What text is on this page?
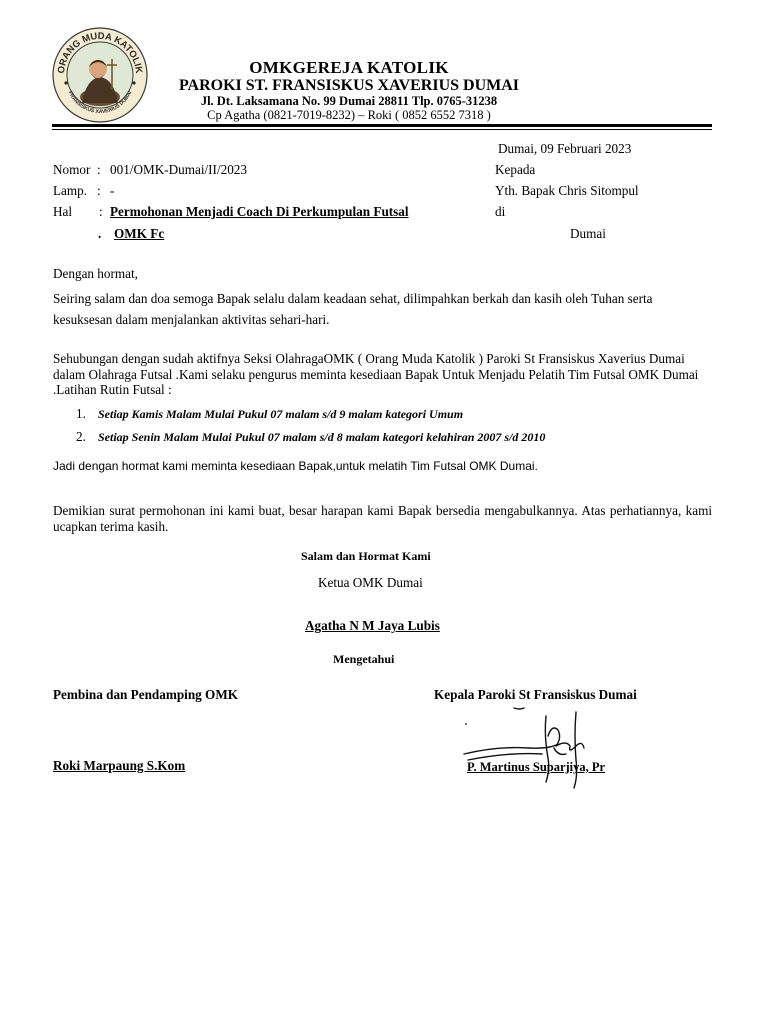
ORANG MUDA KATOLIK
FRANSISKUS XAVERIUS DUMAI
OMKGEREJA KATOLIK
PAROKI ST. FRANSISKUS XAVERIUS DUMAI
Jl. Dt. Laksamana No. 99 Dumai 28811 Tlp. 0765-31238
Cp Agatha (0821-7019-8232) – Roki ( 0852 6552 7318 )
Dumai, 09 Februari 2023
Nomor : 001/OMK-Dumai/II/2023
Lamp. : -
Hal : Permohonan Menjadi Coach Di Perkumpulan Futsal
. OMK Fc
Kepada
Yth. Bapak Chris Sitompul
di
Dumai
Dengan hormat,
Seiring salam dan doa semoga Bapak selalu dalam keadaan sehat, dilimpahkan berkah dan kasih oleh Tuhan serta kesuksesan dalam menjalankan aktivitas sehari-hari.
Sehubungan dengan sudah aktifnya Seksi OlahragaOMK ( Orang Muda Katolik ) Paroki St Fransiskus Xaverius Dumai dalam Olahraga Futsal .Kami selaku pengurus meminta kesediaan Bapak Untuk Menjadu Pelatih Tim Futsal OMK Dumai .Latihan Rutin Futsal :
1. Setiap Kamis Malam Mulai Pukul 07 malam s/d 9 malam kategori Umum
2. Setiap Senin Malam Mulai Pukul 07 malam s/d 8 malam kategori kelahiran 2007 s/d 2010
Jadi dengan hormat kami meminta kesediaan Bapak,untuk melatih Tim Futsal OMK Dumai.
Demikian surat permohonan ini kami buat, besar harapan kami Bapak bersedia mengabulkannya. Atas perhatiannya, kami ucapkan terima kasih.
Salam dan Hormat Kami
Ketua OMK Dumai
Agatha N M Jaya Lubis
Mengetahui
Pembina dan Pendamping OMK
Roki Marpaung S.Kom
Kepala Paroki St Fransiskus Dumai
P. Martinus Suparjiya, Pr
